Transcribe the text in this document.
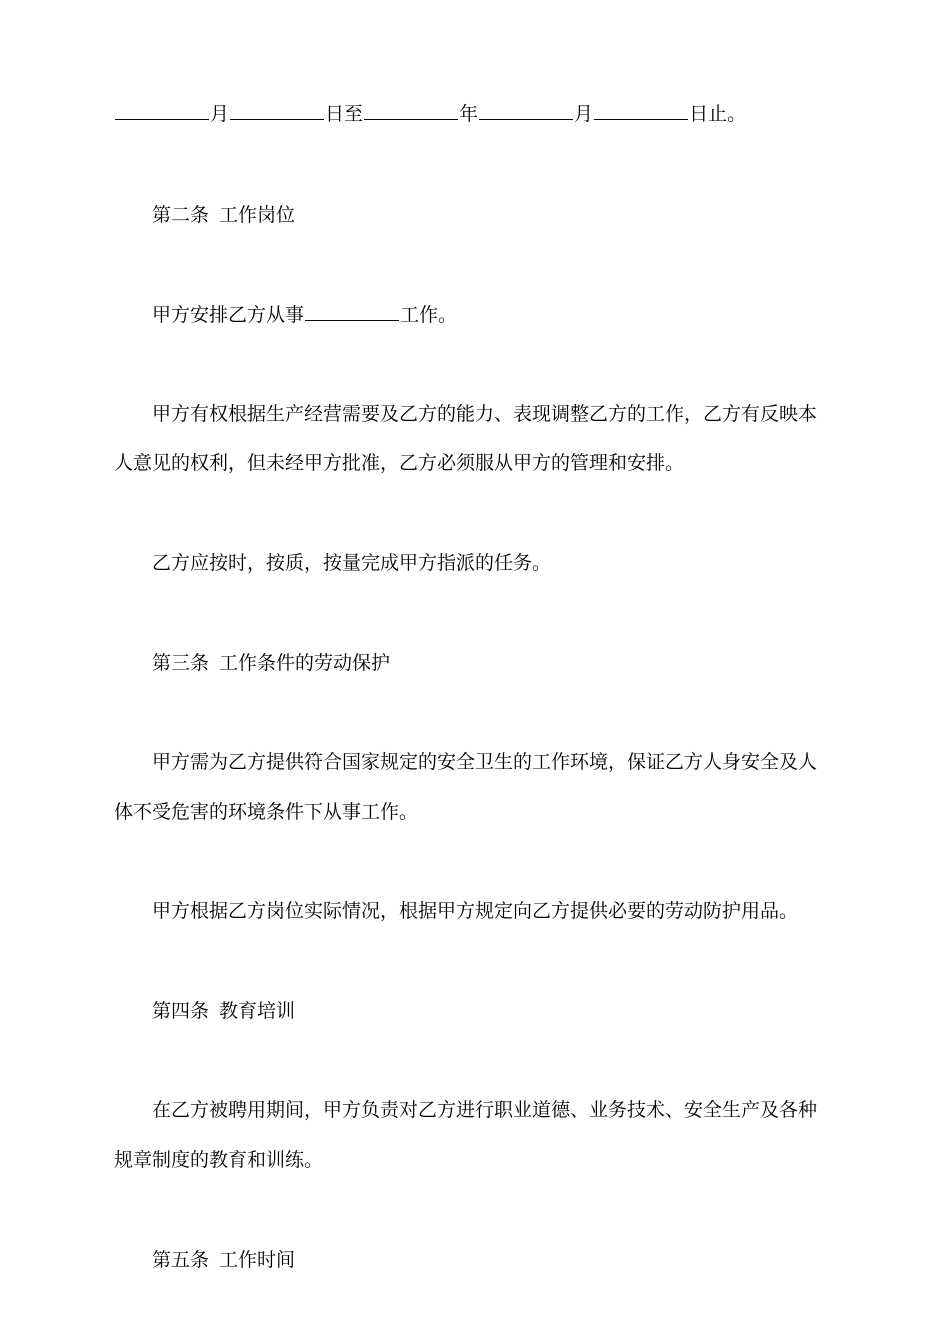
月	日至	年	月	日止。
第二条 工作岗位
甲方安排乙方从事	工作。
甲方有权根据生产经营需要及乙方的能力、表现调整乙方的工作，乙方有反映本
人意见的权利，但未经甲方批准，乙方必须服从甲方的管理和安排。
乙方应按时，按质，按量完成甲方指派的任务。
第三条 工作条件的劳动保护
甲方需为乙方提供符合国家规定的安全卫生的工作环境，保证乙方人身安全及人
体不受危害的环境条件下从事工作。
甲方根据乙方岗位实际情况，根据甲方规定向乙方提供必要的劳动防护用品。
第四条 教育培训
在乙方被聘用期间，甲方负责对乙方进行职业道德、业务技术、安全生产及各种
规章制度的教育和训练。
第五条 工作时间
